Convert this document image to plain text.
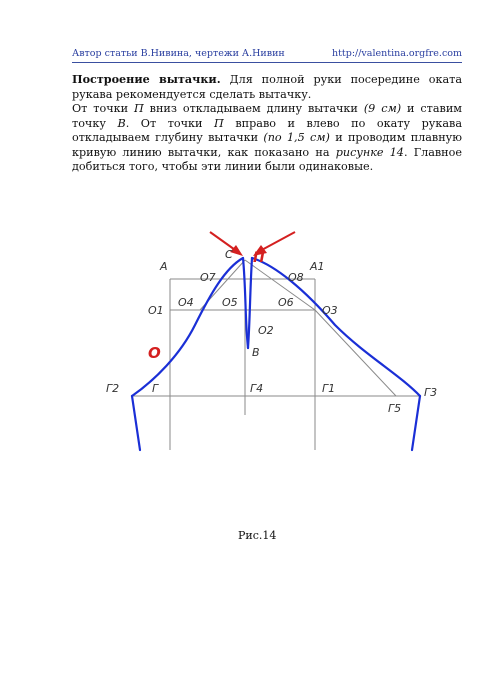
Автор статьи В.Нивина, чертежи А.Нивин	http://valentina.orgfre.com

Построение вытачки. Для полной руки посередине оката рукава рекомендуется сделать вытачку.

От точки П вниз откладываем длину вытачки (9 см) и ставим точку В. От точки П вправо и влево по окату рукава откладываем глубину вытачки (по 1,5 см) и проводим плавную кривую линию вытачки, как показано на рисунке 14. Главное добиться того, чтобы эти линии были одинаковые.

А
С П
А1
О7	О8
О1
О4	О5	О6
О3
О2
В
О
Г2	Г	Г4	Г1
Г5
Г3
Рис.14
